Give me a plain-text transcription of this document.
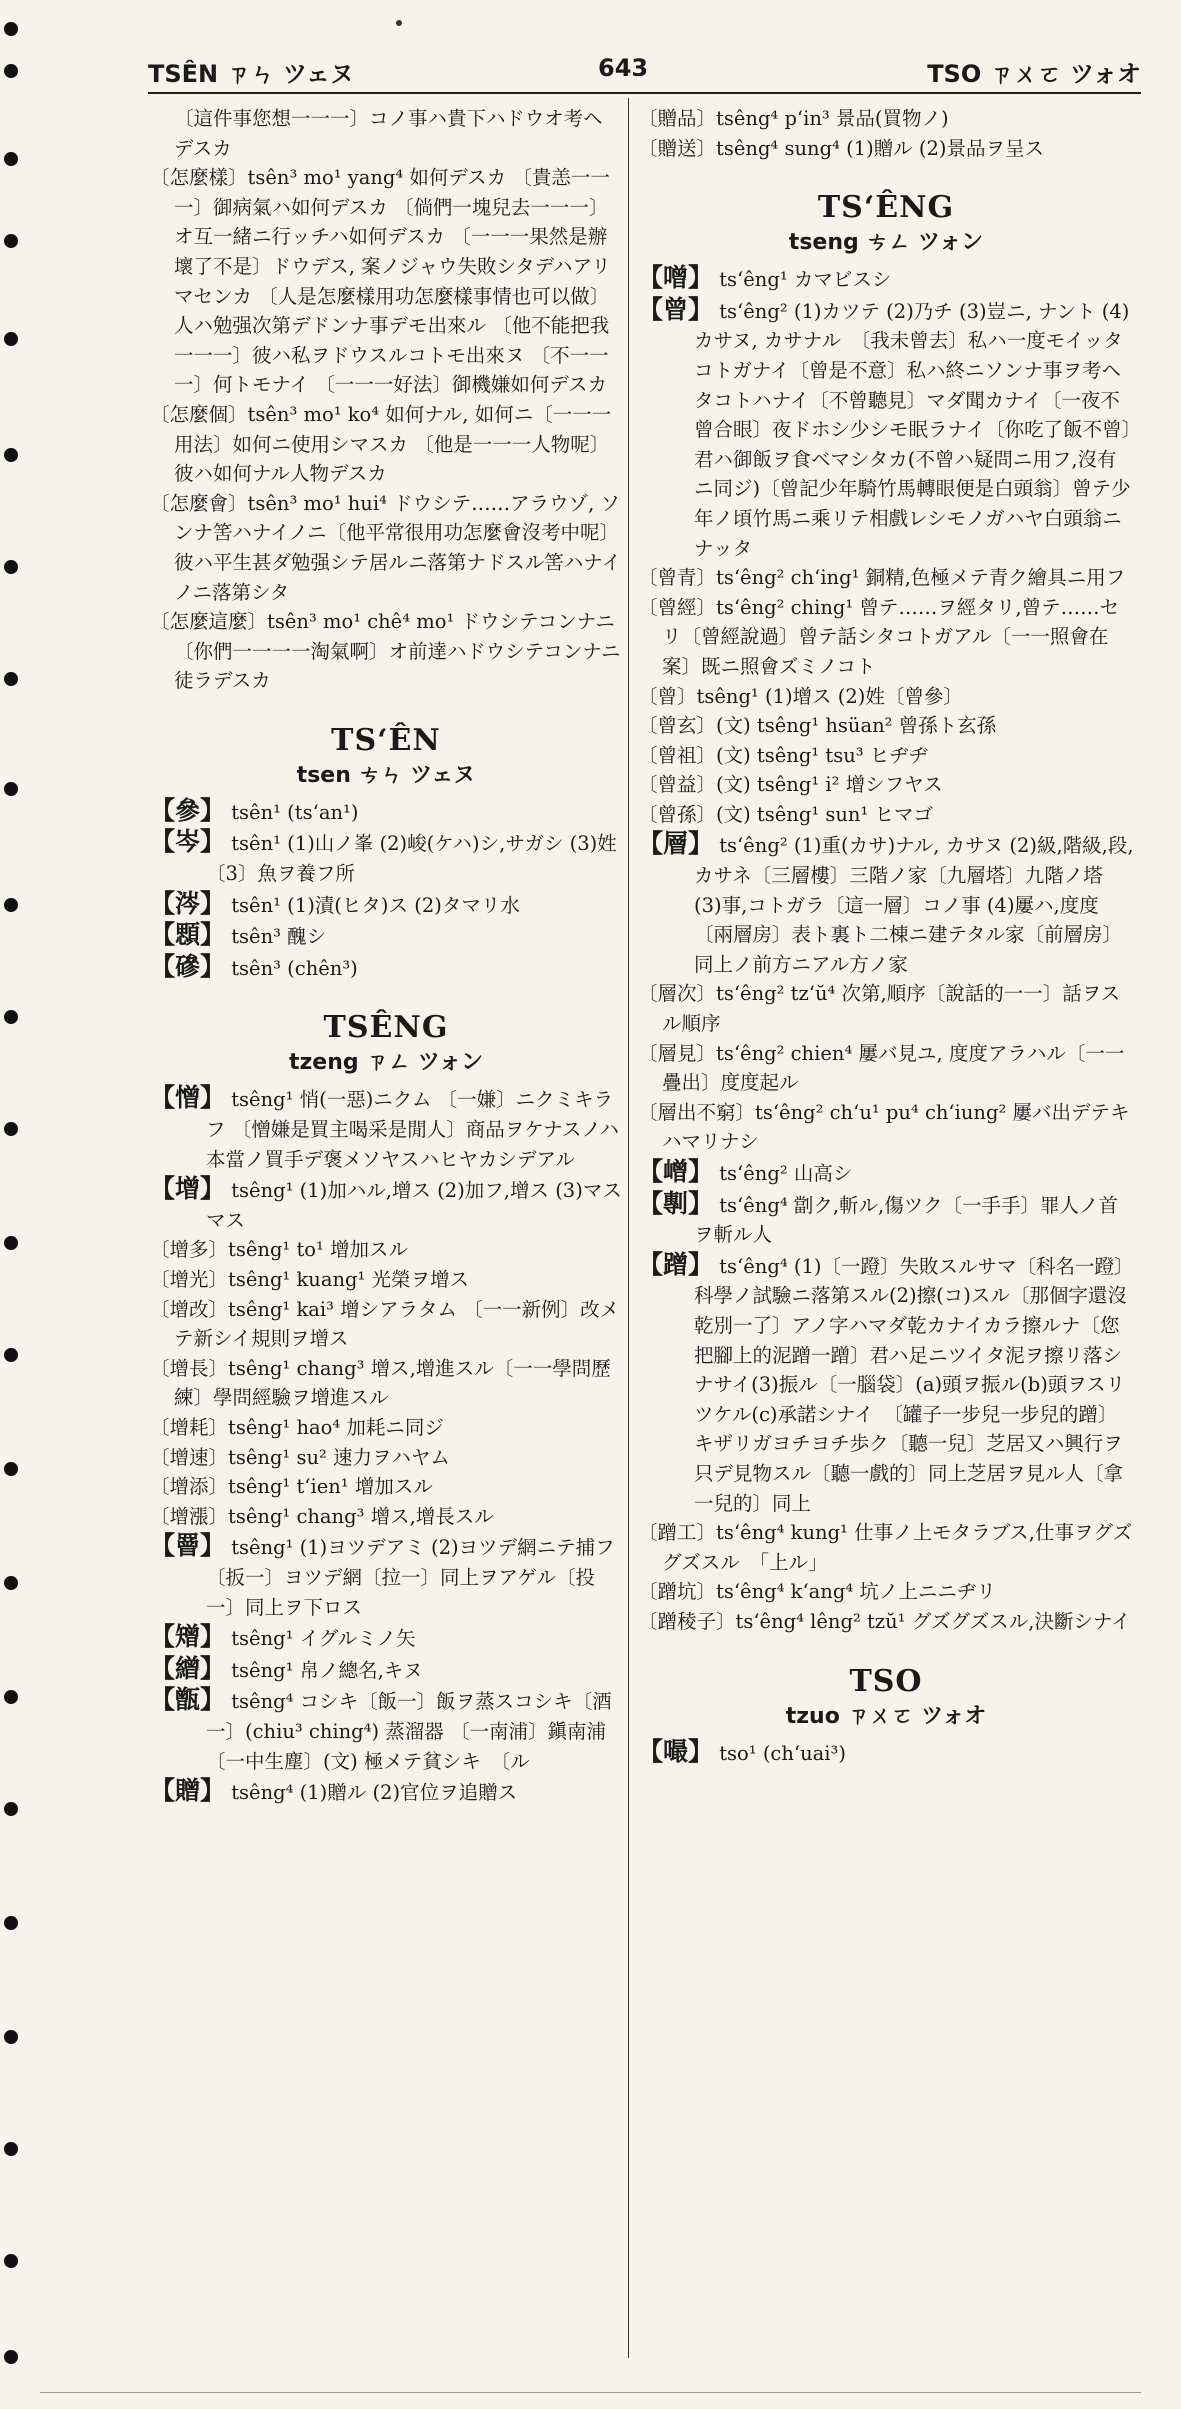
TSÊN ㄗㄣ ツェヌ	643	TSO ㄗㄨㄛ ツォオ

〔這件事您想一一一〕コノ事ハ貴下ハドウオ考ヘデスカ

〔怎麼樣〕tsên³ mo¹ yang⁴ 如何デスカ 〔貴恙一一一〕御病氣ハ如何デスカ 〔倘們一塊兒去一一一〕オ互一緒ニ行ッチハ如何デスカ 〔一一一果然是辦壞了不是〕ドウデス, 案ノジャウ失敗シタデハアリマセンカ 〔人是怎麼樣用功怎麼樣事情也可以做〕人ハ勉强次第デドンナ事デモ出來ル 〔他不能把我一一一〕彼ハ私ヲドウスルコトモ出來ヌ 〔不一一一〕何トモナイ 〔一一一好法〕御機嫌如何デスカ

〔怎麼個〕tsên³ mo¹ ko⁴ 如何ナル, 如何ニ〔一一一用法〕如何ニ使用シマスカ 〔他是一一一人物呢〕彼ハ如何ナル人物デスカ

〔怎麼會〕tsên³ mo¹ hui⁴ ドウシテ……アラウゾ, ソンナ筈ハナイノニ〔他平常很用功怎麼會沒考中呢〕彼ハ平生甚ダ勉强シテ居ルニ落第ナドスル筈ハナイノニ落第シタ

〔怎麼這麼〕tsên³ mo¹ chê⁴ mo¹ ドウシテコンナニ〔你們一一一一淘氣啊〕オ前達ハドウシテコンナニ徒ラデスカ

TSʻÊN
tsen ㄘㄣ ツェヌ

【參】 tsên¹ (tsʻan¹)

【岑】 tsên¹ (1)山ノ峯 (2)峻(ケハ)シ,サガシ (3)姓　〔3〕魚ヲ養フ所

【涔】 tsên¹ (1)漬(ヒタ)ス (2)タマリ水

【顋】 tsên³ 醜シ

【磣】 tsên³ (chên³)

TSÊNG
tzeng ㄗㄥ ツォン

【憎】 tsêng¹ 悄(一惡)ニクム 〔一嫌〕ニクミキラフ 〔憎嫌是買主喝采是閒人〕商品ヲケナスノハ本當ノ買手デ褒メソヤスハヒヤカシデアル

【增】 tsêng¹ (1)加ハル,增ス (2)加フ,增ス (3)マスマス

〔增多〕tsêng¹ to¹ 增加スル

〔增光〕tsêng¹ kuang¹ 光榮ヲ增ス

〔增改〕tsêng¹ kai³ 增シアラタム 〔一一新例〕改メテ新シイ規則ヲ增ス

〔增長〕tsêng¹ chang³ 增ス,增進スル〔一一學問歷練〕學問經驗ヲ增進スル

〔增耗〕tsêng¹ hao⁴ 加耗ニ同ジ

〔增速〕tsêng¹ su² 速力ヲハヤム

〔增添〕tsêng¹ tʻien¹ 增加スル

〔增漲〕tsêng¹ chang³ 增ス,增長スル

【罾】 tsêng¹ (1)ヨツデアミ (2)ヨツデ網ニテ捕フ〔扳一〕ヨツデ網〔拉一〕同上ヲアゲル〔投一〕同上ヲ下ロス

【矰】 tsêng¹ イグルミノ矢

【繒】 tsêng¹ 帛ノ總名,キヌ

【甑】 tsêng⁴ コシキ〔飯一〕飯ヲ蒸スコシキ〔酒一〕(chiu³ ching⁴) 蒸溜器 〔一南浦〕鎭南浦〔一中生塵〕(文) 極メテ貧シキ　〔ル

【贈】 tsêng⁴ (1)贈ル (2)官位ヲ追贈ス

〔贈品〕tsêng⁴ pʻin³ 景品(買物ノ)

〔贈送〕tsêng⁴ sung⁴ (1)贈ル (2)景品ヲ呈ス

TSʻÊNG
tseng ㄘㄥ ツォン

【噌】 tsʻêng¹ カマビスシ

【曾】 tsʻêng² (1)カツテ (2)乃チ (3)豈ニ, ナント (4)カサヌ, カサナル　〔我未曾去〕私ハ一度モイッタコトガナイ〔曾是不意〕私ハ終ニソンナ事ヲ考ヘタコトハナイ〔不曾聽見〕マダ聞カナイ〔一夜不曾合眼〕夜ドホシ少シモ眠ラナイ〔你吃了飯不曾〕君ハ御飯ヲ食ベマシタカ(不曾ハ疑問ニ用フ,沒有ニ同ジ)〔曾記少年騎竹馬轉眼便是白頭翁〕曾テ少年ノ頃竹馬ニ乘リテ相戲レシモノガハヤ白頭翁ニナッタ

〔曾青〕tsʻêng² chʻing¹ 銅精,色極メテ青ク繪具ニ用フ

〔曾經〕tsʻêng² ching¹ 曾テ……ヲ經タリ,曾テ……セリ〔曾經說過〕曾テ話シタコトガアル〔一一照會在案〕既ニ照會ズミノコト

〔曾〕tsêng¹ (1)增ス (2)姓〔曾參〕

〔曾玄〕(文) tsêng¹ hsüan² 曾孫ト玄孫

〔曾祖〕(文) tsêng¹ tsu³ ヒヂヂ

〔曾益〕(文) tsêng¹ i² 增シフヤス

〔曾孫〕(文) tsêng¹ sun¹ ヒマゴ

【層】 tsʻêng² (1)重(カサ)ナル, カサヌ (2)級,階級,段,カサネ〔三層樓〕三階ノ家〔九層塔〕九階ノ塔 (3)事,コトガラ〔這一層〕コノ事 (4)屢ハ,度度　〔兩層房〕表ト裏ト二棟ニ建テタル家〔前層房〕同上ノ前方ニアル方ノ家

〔層次〕tsʻêng² tzʻŭ⁴ 次第,順序〔說話的一一〕話ヲスル順序

〔層見〕tsʻêng² chien⁴ 屢バ見ユ, 度度アラハル〔一一疊出〕度度起ル

〔層出不窮〕tsʻêng² chʻu¹ pu⁴ chʻiung² 屢バ出デテキハマリナシ

【嶒】 tsʻêng² 山高シ

【剸】 tsʻêng⁴ 劏ク,斬ル,傷ツク〔一手手〕罪人ノ首ヲ斬ル人

【蹭】 tsʻêng⁴ (1)〔一蹬〕失敗スルサマ〔科名一蹬〕科學ノ試驗ニ落第スル(2)擦(コ)スル〔那個字還沒乾別一了〕アノ字ハマダ乾カナイカラ擦ルナ〔您把腳上的泥蹭一蹭〕君ハ足ニツイタ泥ヲ擦リ落シナサイ(3)振ル〔一腦袋〕(a)頭ヲ振ル(b)頭ヲスリツケル(c)承諾シナイ　〔罐子一步兒一步兒的蹭〕キザリガヨチヨチ歩ク〔聽一兒〕芝居又ハ興行ヲ只デ見物スル〔聽一戲的〕同上芝居ヲ見ル人〔拿一兒的〕同上

〔蹭工〕tsʻêng⁴ kung¹ 仕事ノ上モタラブス,仕事ヲグズグズスル　「上ル」

〔蹭坑〕tsʻêng⁴ kʻang⁴ 坑ノ上ニニヂリ

〔蹭稜子〕tsʻêng⁴ lêng² tzŭ¹ グズグズスル,決斷シナイ

TSO
tzuo ㄗㄨㄛ ツォオ

【嘬】 tso¹ (chʻuai³)
